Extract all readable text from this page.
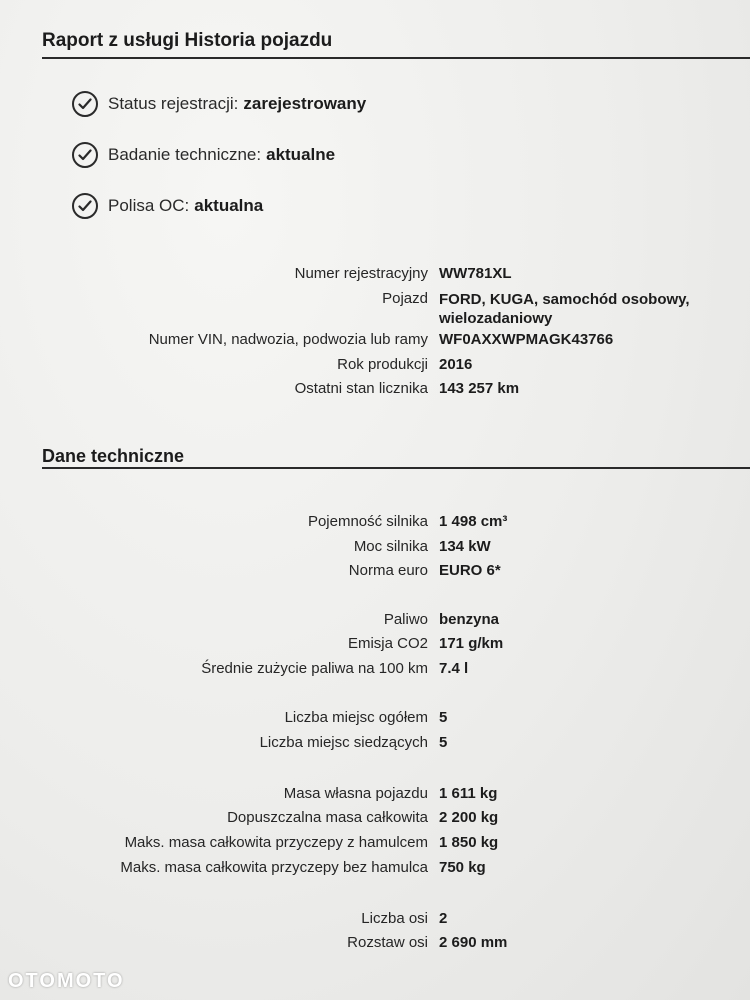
Raport z usługi Historia pojazdu
Status rejestracji: zarejestrowany
Badanie techniczne: aktualne
Polisa OC: aktualna
Numer rejestracyjny WW781XL
Pojazd FORD, KUGA, samochód osobowy, wielozadaniowy
Numer VIN, nadwozia, podwozia lub ramy WF0AXXWPMAGK43766
Rok produkcji 2016
Ostatni stan licznika 143 257 km
Dane techniczne
Pojemność silnika 1 498 cm³
Moc silnika 134 kW
Norma euro EURO 6*
Paliwo benzyna
Emisja CO2 171 g/km
Średnie zużycie paliwa na 100 km 7.4 l
Liczba miejsc ogółem 5
Liczba miejsc siedzących 5
Masa własna pojazdu 1 611 kg
Dopuszczalna masa całkowita 2 200 kg
Maks. masa całkowita przyczepy z hamulcem 1 850 kg
Maks. masa całkowita przyczepy bez hamulca 750 kg
Liczba osi 2
Rozstaw osi 2 690 mm
OTOMOTO
